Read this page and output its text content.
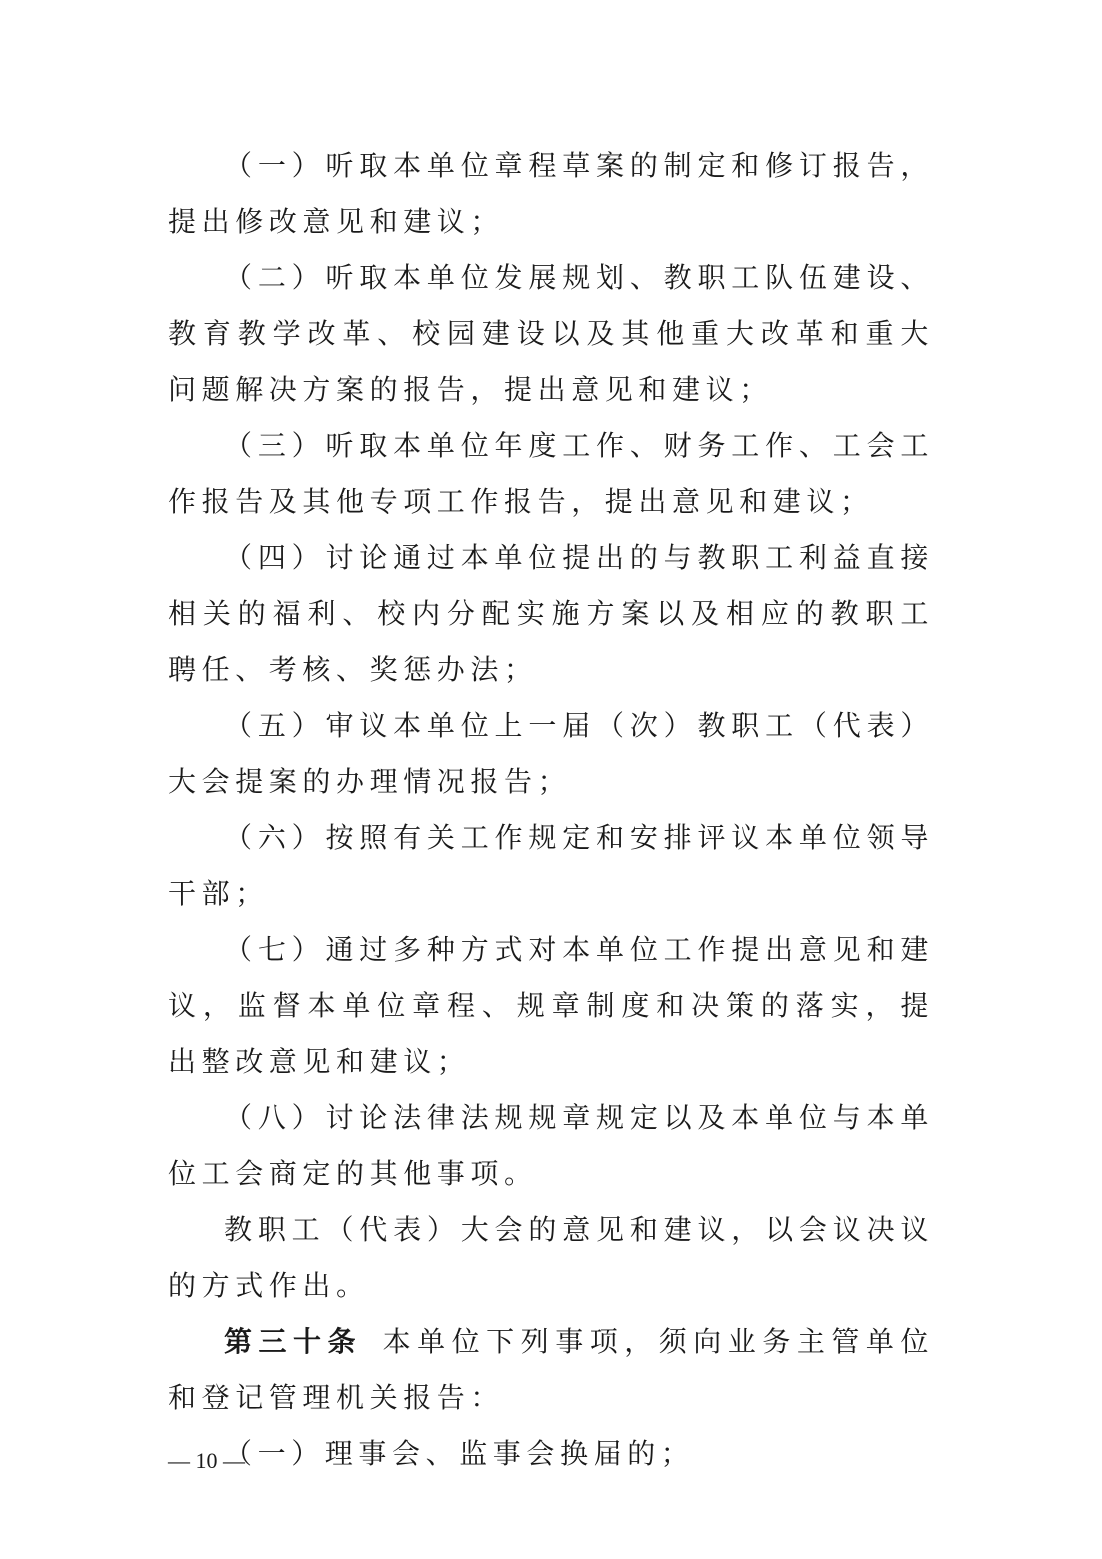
（一）听取本单位章程草案的制定和修订报告，提出修改意见和建议；

（二）听取本单位发展规划、教职工队伍建设、教育教学改革、校园建设以及其他重大改革和重大问题解决方案的报告，提出意见和建议；

（三）听取本单位年度工作、财务工作、工会工作报告及其他专项工作报告，提出意见和建议；

（四）讨论通过本单位提出的与教职工利益直接相关的福利、校内分配实施方案以及相应的教职工聘任、考核、奖惩办法；

（五）审议本单位上一届（次）教职工（代表）大会提案的办理情况报告；

（六）按照有关工作规定和安排评议本单位领导干部；

（七）通过多种方式对本单位工作提出意见和建议，监督本单位章程、规章制度和决策的落实，提出整改意见和建议；

（八）讨论法律法规规章规定以及本单位与本单位工会商定的其他事项。

教职工（代表）大会的意见和建议，以会议决议的方式作出。

第三十条  本单位下列事项，须向业务主管单位和登记管理机关报告：

（一）理事会、监事会换届的；

— 10 —
